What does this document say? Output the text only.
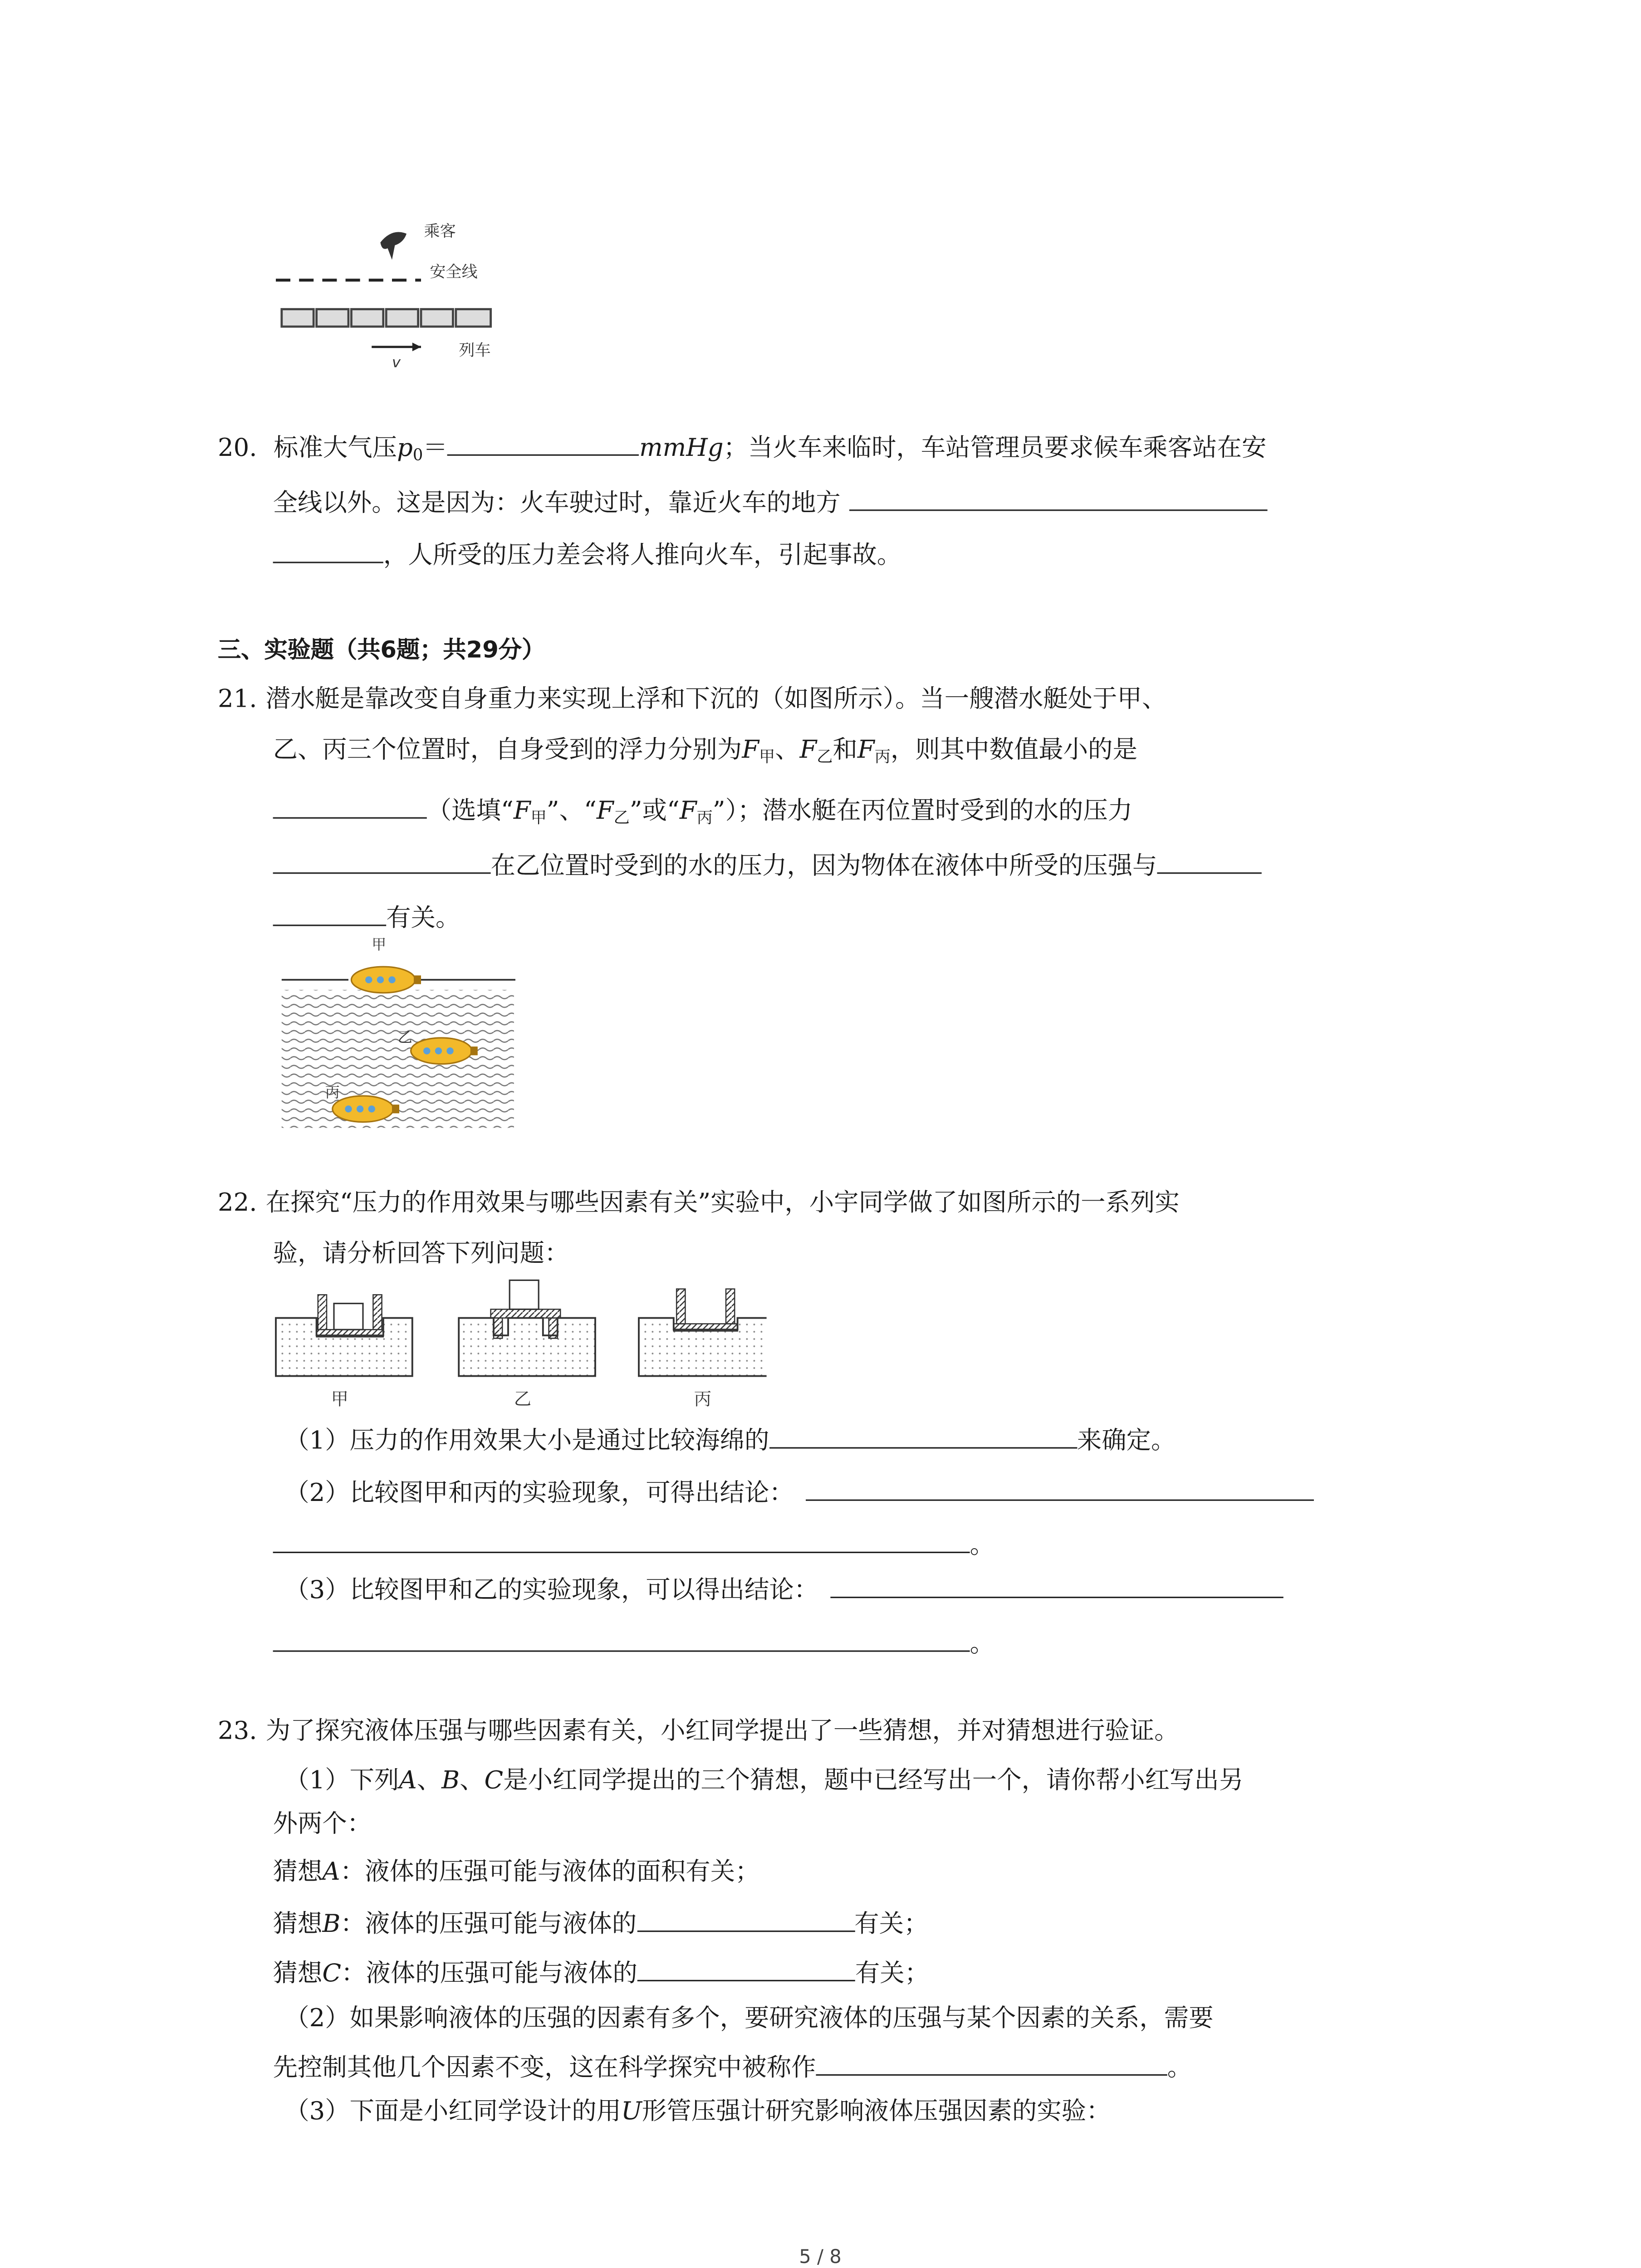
乘客
安全线
v
列车
20. 标准大气压$p_0=$	mmHg；当火车来临时，车站管理员要求候车乘客站在安
全线以外。这是因为：火车驶过时，靠近火车的地方
，人所受的压力差会将人推向火车，引起事故。
三、实验题（共6题；共29分）
21. 潜水艇是靠改变自身重力来实现上浮和下沉的（如图所示）。当一艘潜水艇处于甲、
乙、丙三个位置时，自身受到的浮力分别为$F_甲$、$F_乙$和$F_丙$，则其中数值最小的是
（选填“$F_甲$”、“$F_乙$”或“$F_丙$”）；潜水艇在丙位置时受到的水的压力
在乙位置时受到的水的压力，因为物体在液体中所受的压强与
有关。
甲
乙
丙
22. 在探究“压力的作用效果与哪些因素有关”实验中，小宇同学做了如图所示的一系列实
验，请分析回答下列问题：
甲	乙	丙
（1）压力的作用效果大小是通过比较海绵的	来确定。
（2）比较图甲和丙的实验现象，可得出结论：
。
（3）比较图甲和乙的实验现象，可以得出结论：
。
23. 为了探究液体压强与哪些因素有关，小红同学提出了一些猜想，并对猜想进行验证。
（1）下列A、B、C是小红同学提出的三个猜想，题中已经写出一个，请你帮小红写出另
外两个：
猜想A：液体的压强可能与液体的面积有关；
猜想B：液体的压强可能与液体的	有关；
猜想C：液体的压强可能与液体的	有关；
（2）如果影响液体的压强的因素有多个，要研究液体的压强与某个因素的关系，需要
先控制其他几个因素不变，这在科学探究中被称作	。
（3）下面是小红同学设计的用U形管压强计研究影响液体压强因素的实验：
5 / 8
